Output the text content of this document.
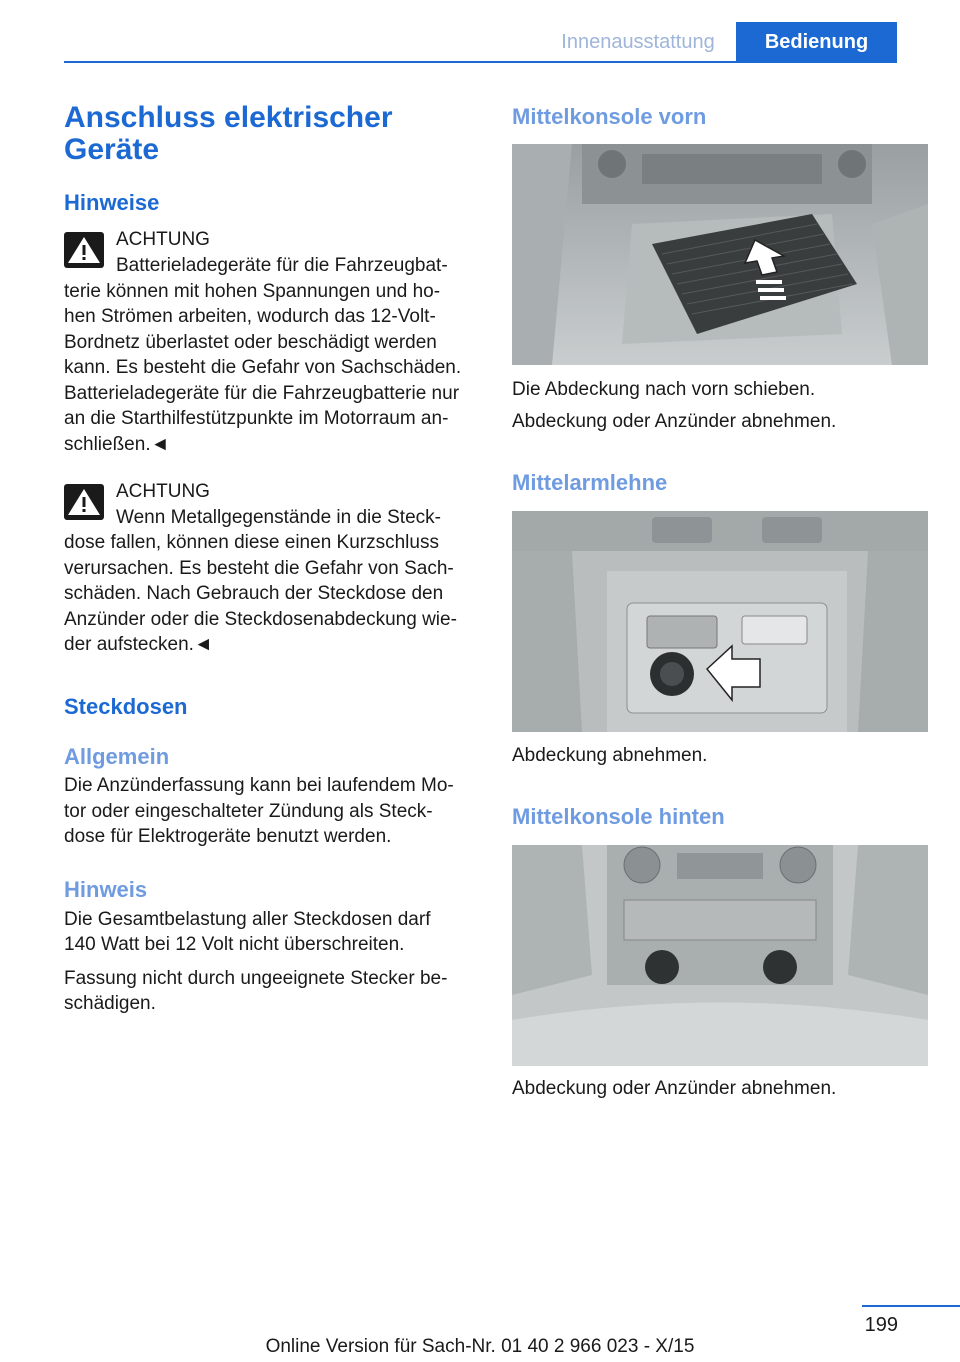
Innenausstattung	Bedienung
Anschluss elektrischer Geräte
Hinweise
ACHTUNG
Batterieladegeräte für die Fahrzeugbat-
terie können mit hohen Spannungen und ho-
hen Strömen arbeiten, wodurch das 12-Volt-
Bordnetz überlastet oder beschädigt werden
kann. Es besteht die Gefahr von Sachschäden.
Batterieladegeräte für die Fahrzeugbatterie nur
an die Starthilfestützpunkte im Motorraum an-
schließen.◄
ACHTUNG
Wenn Metallgegenstände in die Steck-
dose fallen, können diese einen Kurzschluss
verursachen. Es besteht die Gefahr von Sach-
schäden. Nach Gebrauch der Steckdose den
Anzünder oder die Steckdosenabdeckung wie-
der aufstecken.◄
Steckdosen
Allgemein
Die Anzünderfassung kann bei laufendem Mo-
tor oder eingeschalteter Zündung als Steck-
dose für Elektrogeräte benutzt werden.
Hinweis
Die Gesamtbelastung aller Steckdosen darf
140 Watt bei 12 Volt nicht überschreiten.
Fassung nicht durch ungeeignete Stecker be-
schädigen.
Mittelkonsole vorn
Die Abdeckung nach vorn schieben.
Abdeckung oder Anzünder abnehmen.
Mittelarmlehne
Abdeckung abnehmen.
Mittelkonsole hinten
Abdeckung oder Anzünder abnehmen.
199
Online Version für Sach-Nr. 01 40 2 966 023 - X/15
